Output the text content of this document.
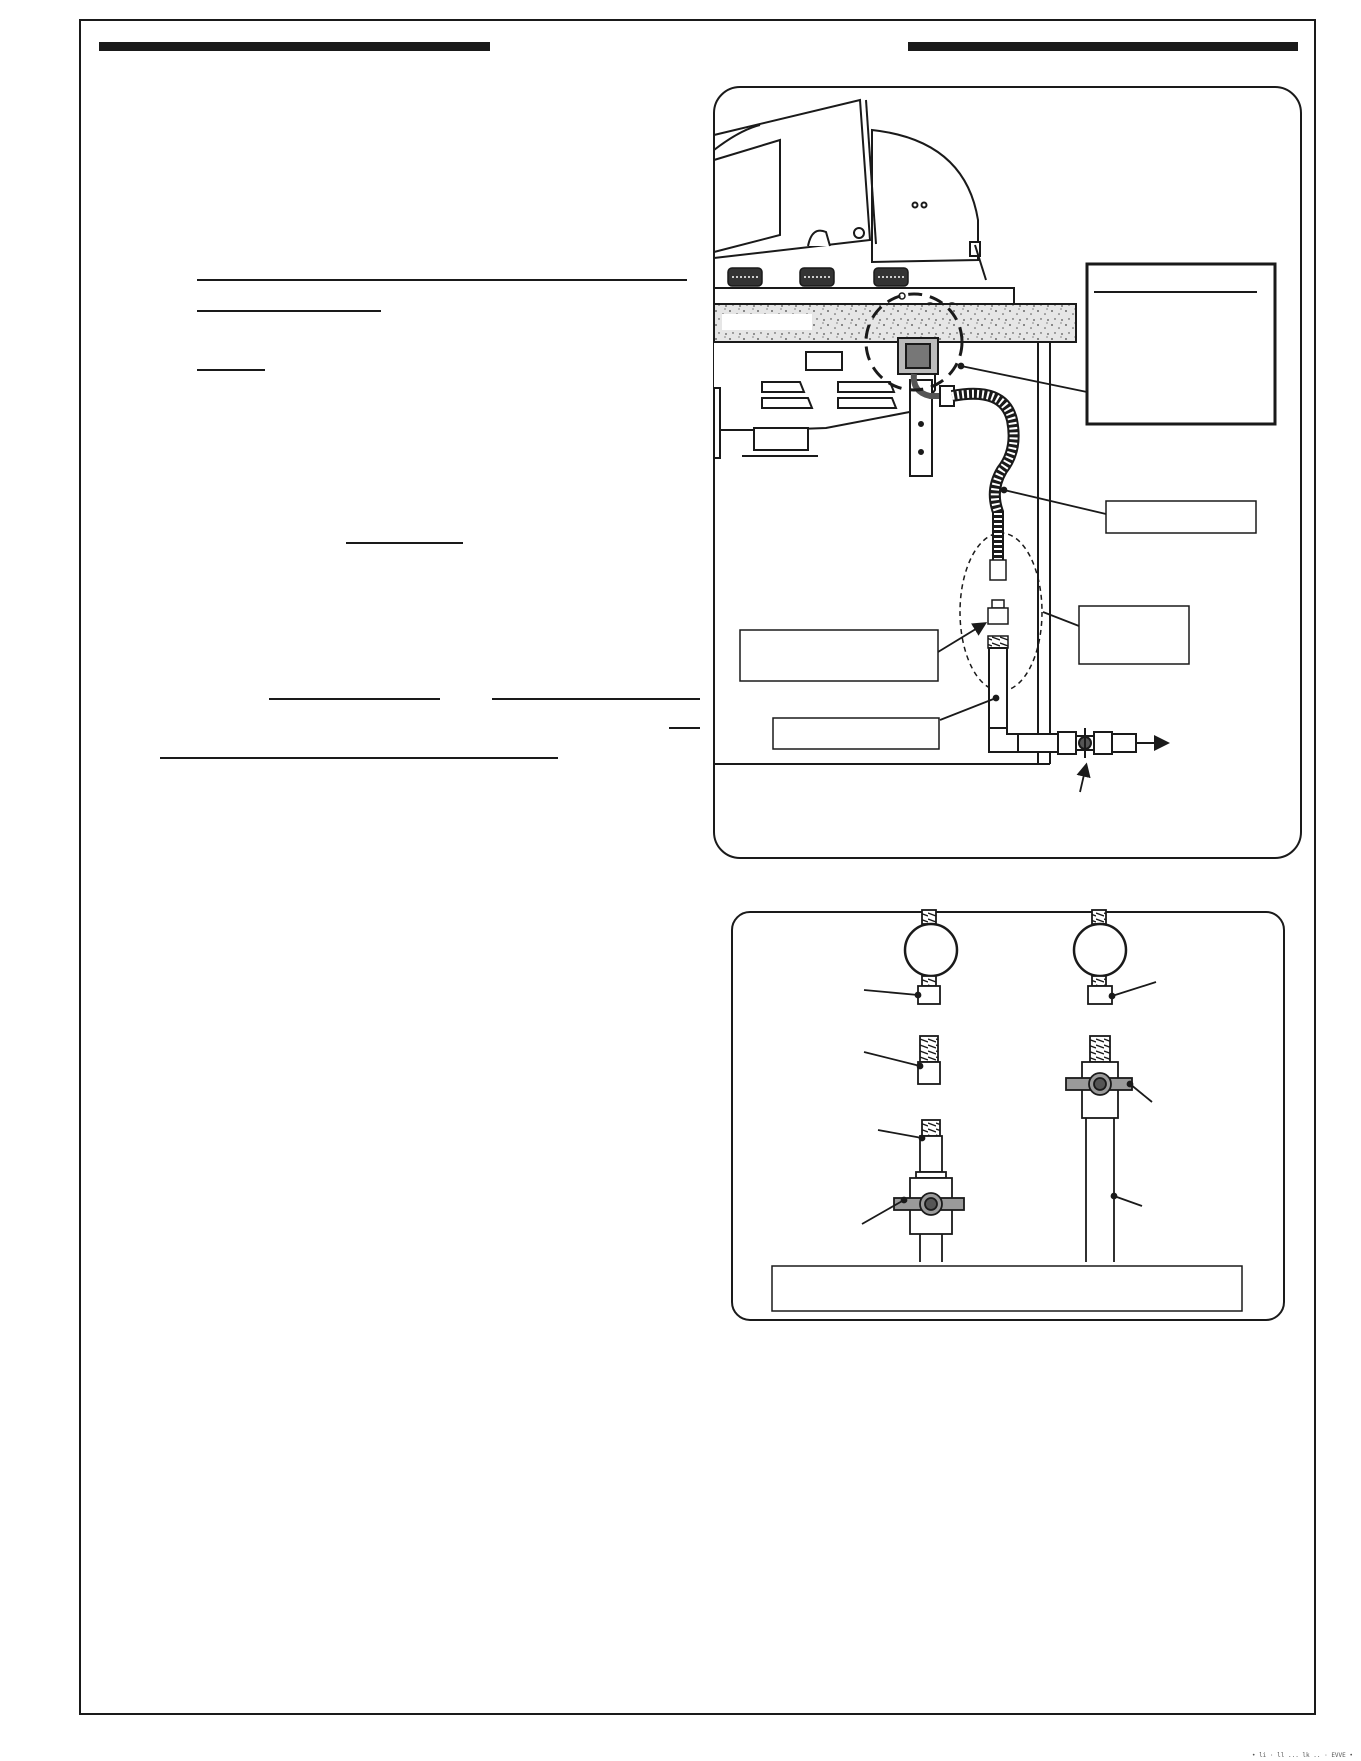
• li · ll ... lk .. · EVVE •
